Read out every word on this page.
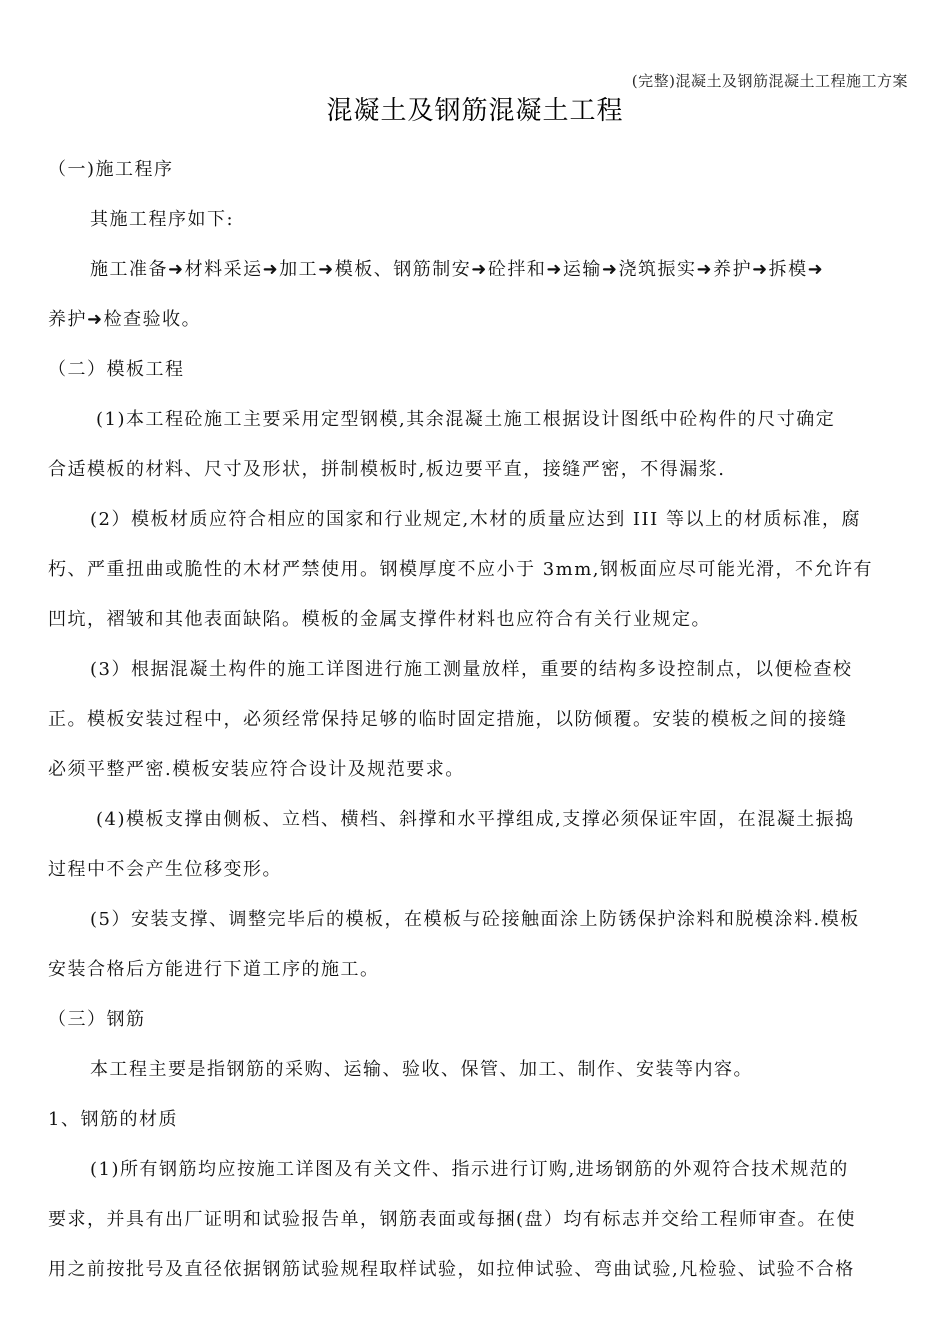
(完整)混凝土及钢筋混凝土工程施工方案
混凝土及钢筋混凝土工程
（一)施工程序
其施工程序如下:
施工准备➜材料采运➜加工➜模板、钢筋制安➜砼拌和➜运输➜浇筑振实➜养护➜拆模➜
养护➜检查验收。
（二）模板工程
(1)本工程砼施工主要采用定型钢模,其余混凝土施工根据设计图纸中砼构件的尺寸确定
合适模板的材料、尺寸及形状，拼制模板时,板边要平直，接缝严密，不得漏浆.
(2）模板材质应符合相应的国家和行业规定,木材的质量应达到 III 等以上的材质标准，腐
朽、严重扭曲或脆性的木材严禁使用。钢模厚度不应小于 3mm,钢板面应尽可能光滑，不允许有
凹坑，褶皱和其他表面缺陷。模板的金属支撑件材料也应符合有关行业规定。
(3）根据混凝土构件的施工详图进行施工测量放样，重要的结构多设控制点，以便检查校
正。模板安装过程中，必须经常保持足够的临时固定措施，以防倾覆。安装的模板之间的接缝
必须平整严密.模板安装应符合设计及规范要求。
(4)模板支撑由侧板、立档、横档、斜撑和水平撑组成,支撑必须保证牢固，在混凝土振捣
过程中不会产生位移变形。
(5）安装支撑、调整完毕后的模板，在模板与砼接触面涂上防锈保护涂料和脱模涂料.模板
安装合格后方能进行下道工序的施工。
（三）钢筋
本工程主要是指钢筋的采购、运输、验收、保管、加工、制作、安装等内容。
1、钢筋的材质
(1)所有钢筋均应按施工详图及有关文件、指示进行订购,进场钢筋的外观符合技术规范的
要求，并具有出厂证明和试验报告单，钢筋表面或每捆(盘）均有标志并交给工程师审查。在使
用之前按批号及直径依据钢筋试验规程取样试验，如拉伸试验、弯曲试验,凡检验、试验不合格
